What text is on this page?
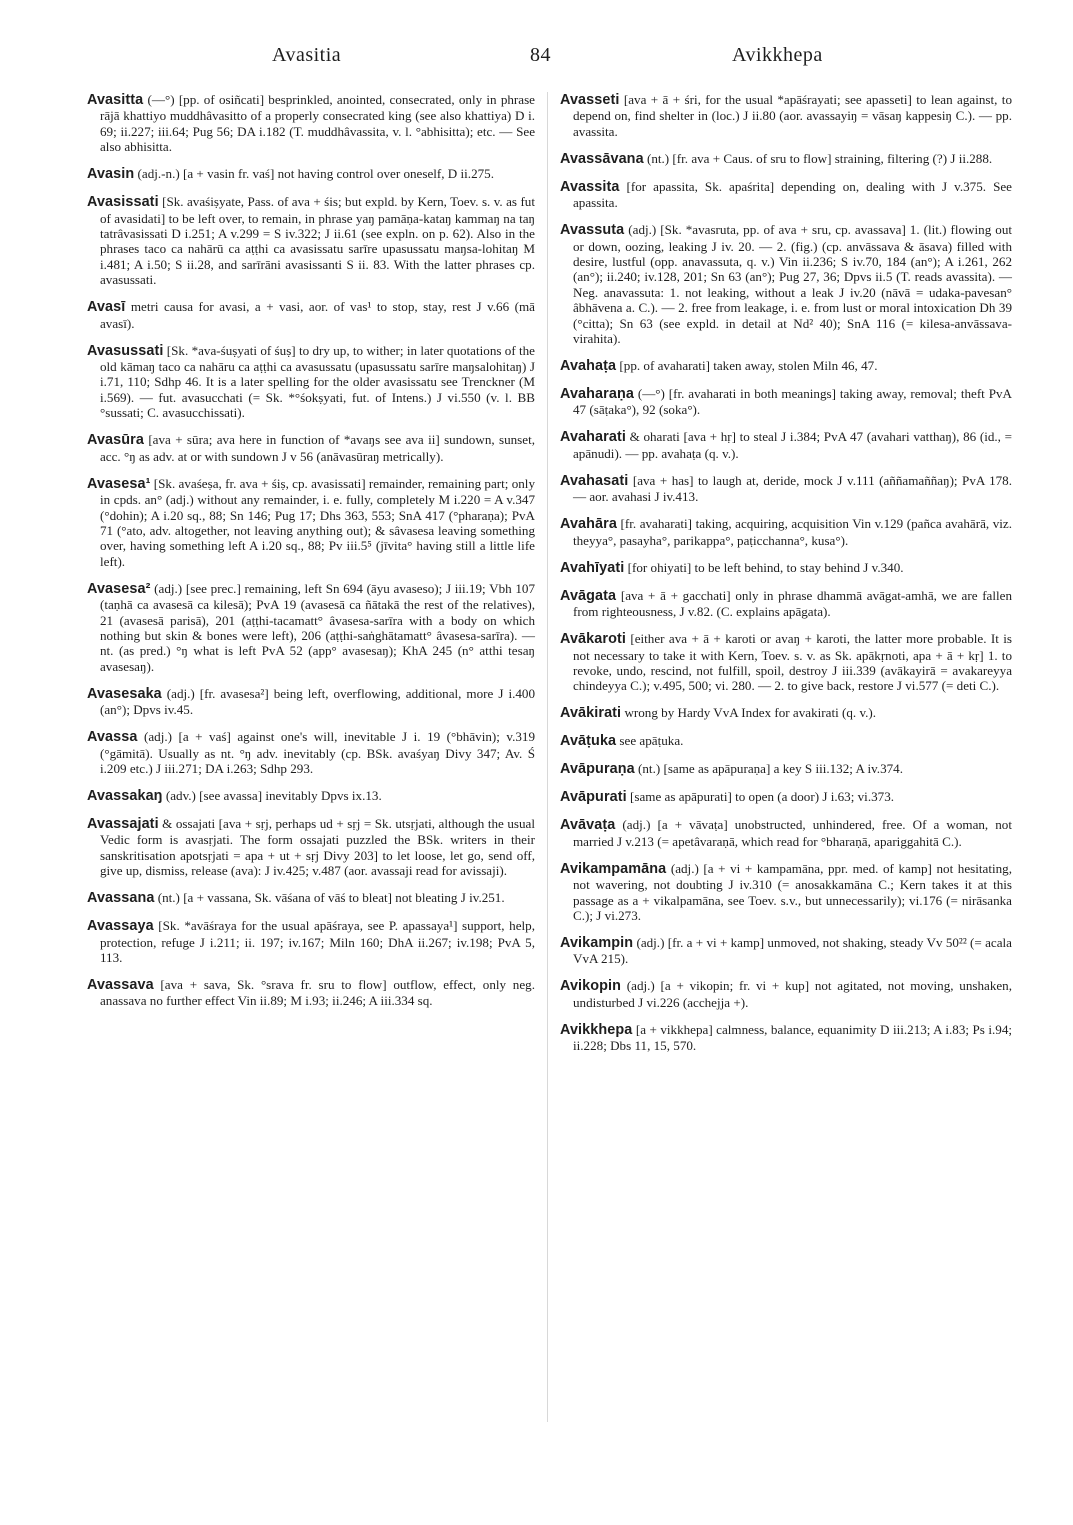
Avasitia	84	Avikkhepa

Avasitta (—°) [pp. of osiñcati] besprinkled, anointed, consecrated, only in phrase rājā khattiyo muddhâvasitto of a properly consecrated king (see also khattiya) D i. 69; ii.227; iii.64; Pug 56; DA i.182 (T. muddhâvassita, v. l. °abhisitta); etc. — See also abhisitta.

Avasin (adj.-n.) [a + vasin fr. vaś] not having control over oneself, D ii.275.

Avasissati [Sk. avaśiṣyate, Pass. of ava + śis; but expld. by Kern, Toev. s. v. as fut of avasidati] to be left over, to remain, in phrase yaŋ pamāṇa-kataŋ kammaŋ na taŋ tatrâvasissati D i.251; A v.299 = S iv.322; J ii.61 (see expln. on p. 62). Also in the phrases taco ca nahārū ca aṭṭhi ca avasissatu sarīre upasussatu maŋsa-lohitaŋ M i.481; A i.50; S ii.28, and sarīrāni avasissanti S ii. 83. With the latter phrases cp. avasussati.

Avasī metri causa for avasi, a + vasi, aor. of vas¹ to stop, stay, rest J v.66 (mā avasī).

Avasussati [Sk. *ava-śuṣyati of śuṣ] to dry up, to wither; in later quotations of the old kāmaŋ taco ca nahāru ca aṭṭhi ca avasussatu (upasussatu sarīre maŋsalohitaŋ) J i.71, 110; Sdhp 46. It is a later spelling for the older avasissatu see Trenckner (M i.569). — fut. avasucchati (= Sk. *°śokṣyati, fut. of Intens.) J vi.550 (v. l. BB °sussati; C. avasucchissati).

Avasūra [ava + sūra; ava here in function of *avaŋs see ava ii] sundown, sunset, acc. °ŋ as adv. at or with sundown J v 56 (anāvasūraŋ metrically).

Avasesa¹ [Sk. avaśeṣa, fr. ava + śiṣ, cp. avasissati] remainder, remaining part; only in cpds. an° (adj.) without any remainder, i. e. fully, completely M i.220 = A v.347 (°dohin); A i.20 sq., 88; Sn 146; Pug 17; Dhs 363, 553; SnA 417 (°pharaṇa); PvA 71 (°ato, adv. altogether, not leaving anything out); & sâvasesa leaving something over, having something left A i.20 sq., 88; Pv iii.5⁵ (jīvita° having still a little life left).

Avasesa² (adj.) [see prec.] remaining, left Sn 694 (āyu avaseso); J iii.19; Vbh 107 (taṇhā ca avasesā ca kilesā); PvA 19 (avasesā ca ñātakā the rest of the relatives), 21 (avasesā parisā), 201 (aṭṭhi-tacamatt° âvasesa-sarīra with a body on which nothing but skin & bones were left), 206 (aṭṭhi-saṅghātamatt° âvasesa-sarīra). — nt. (as pred.) °ŋ what is left PvA 52 (app° avasesaŋ); KhA 245 (n° atthi tesaŋ avasesaŋ).

Avasesaka (adj.) [fr. avasesa²] being left, overflowing, additional, more J i.400 (an°); Dpvs iv.45.

Avassa (adj.) [a + vaś] against one's will, inevitable J i. 19 (°bhāvin); v.319 (°gāmitā). Usually as nt. °ŋ adv. inevitably (cp. BSk. avaśyaŋ Divy 347; Av. Ś i.209 etc.) J iii.271; DA i.263; Sdhp 293.

Avassakaŋ (adv.) [see avassa] inevitably Dpvs ix.13.

Avassajati & ossajati [ava + sṛj, perhaps ud + sṛj = Sk. utsṛjati, although the usual Vedic form is avasṛjati. The form ossajati puzzled the BSk. writers in their sanskritisation apotsṛjati = apa + ut + sṛj Divy 203] to let loose, let go, send off, give up, dismiss, release (ava): J iv.425; v.487 (aor. avassaji read for avissaji).

Avassana (nt.) [a + vassana, Sk. vāśana of vāś to bleat] not bleating J iv.251.

Avassaya [Sk. *avāśraya for the usual apāśraya, see P. apassaya¹] support, help, protection, refuge J i.211; ii. 197; iv.167; Miln 160; DhA ii.267; iv.198; PvA 5, 113.

Avassava [ava + sava, Sk. °srava fr. sru to flow] outflow, effect, only neg. anassava no further effect Vin ii.89; M i.93; ii.246; A iii.334 sq.

Avasseti [ava + ā + śri, for the usual *apāśrayati; see apasseti] to lean against, to depend on, find shelter in (loc.) J ii.80 (aor. avassayiŋ = vāsaŋ kappesiŋ C.). — pp. avassita.

Avassāvana (nt.) [fr. ava + Caus. of sru to flow] straining, filtering (?) J ii.288.

Avassita [for apassita, Sk. apaśrita] depending on, dealing with J v.375. See apassita.

Avassuta (adj.) [Sk. *avasruta, pp. of ava + sru, cp. avassava] 1. (lit.) flowing out or down, oozing, leaking J iv. 20. — 2. (fig.) (cp. anvāssava & āsava) filled with desire, lustful (opp. anavassuta, q. v.) Vin ii.236; S iv.70, 184 (an°); A i.261, 262 (an°); ii.240; iv.128, 201; Sn 63 (an°); Pug 27, 36; Dpvs ii.5 (T. reads avassita). — Neg. anavassuta: 1. not leaking, without a leak J iv.20 (nāvā = udaka-pavesan° âbhāvena a. C.). — 2. free from leakage, i. e. from lust or moral intoxication Dh 39 (°citta); Sn 63 (see expld. in detail at Nd² 40); SnA 116 (= kilesa-anvāssava-virahita).

Avahaṭa [pp. of avaharati] taken away, stolen Miln 46, 47.

Avaharaṇa (—°) [fr. avaharati in both meanings] taking away, removal; theft PvA 47 (sāṭaka°), 92 (soka°).

Avaharati & oharati [ava + hṛ] to steal J i.384; PvA 47 (avahari vatthaŋ), 86 (id., = apānudi). — pp. avahaṭa (q. v.).

Avahasati [ava + has] to laugh at, deride, mock J v.111 (aññamaññaŋ); PvA 178. — aor. avahasi J iv.413.

Avahāra [fr. avaharati] taking, acquiring, acquisition Vin v.129 (pañca avahārā, viz. theyya°, pasayha°, parikappa°, paṭicchanna°, kusa°).

Avahīyati [for ohiyati] to be left behind, to stay behind J v.340.

Avāgata [ava + ā + gacchati] only in phrase dhammā avāgat-amhā, we are fallen from righteousness, J v.82. (C. explains apāgata).

Avākaroti [either ava + ā + karoti or avaŋ + karoti, the latter more probable. It is not necessary to take it with Kern, Toev. s. v. as Sk. apākṛnoti, apa + ā + kṛ] 1. to revoke, undo, rescind, not fulfill, spoil, destroy J iii.339 (avākayirā = avakareyya chindeyya C.); v.495, 500; vi. 280. — 2. to give back, restore J vi.577 (= deti C.).

Avākirati wrong by Hardy VvA Index for avakirati (q. v.).

Avāṭuka see apāṭuka.

Avāpuraṇa (nt.) [same as apāpuraṇa] a key S iii.132; A iv.374.

Avāpurati [same as apāpurati] to open (a door) J i.63; vi.373.

Avāvaṭa (adj.) [a + vāvaṭa] unobstructed, unhindered, free. Of a woman, not married J v.213 (= apetâvaraṇā, which read for °bharaṇā, apariggahitā C.).

Avikampamāna (adj.) [a + vi + kampamāna, ppr. med. of kamp] not hesitating, not wavering, not doubting J iv.310 (= anosakkamāna C.; Kern takes it at this passage as a + vikalpamāna, see Toev. s.v., but unnecessarily); vi.176 (= nirāsanka C.); J vi.273.

Avikampin (adj.) [fr. a + vi + kamp] unmoved, not shaking, steady Vv 50²² (= acala VvA 215).

Avikopin (adj.) [a + vikopin; fr. vi + kup] not agitated, not moving, unshaken, undisturbed J vi.226 (acchejja +).

Avikkhepa [a + vikkhepa] calmness, balance, equanimity D iii.213; A i.83; Ps i.94; ii.228; Dbs 11, 15, 570.
